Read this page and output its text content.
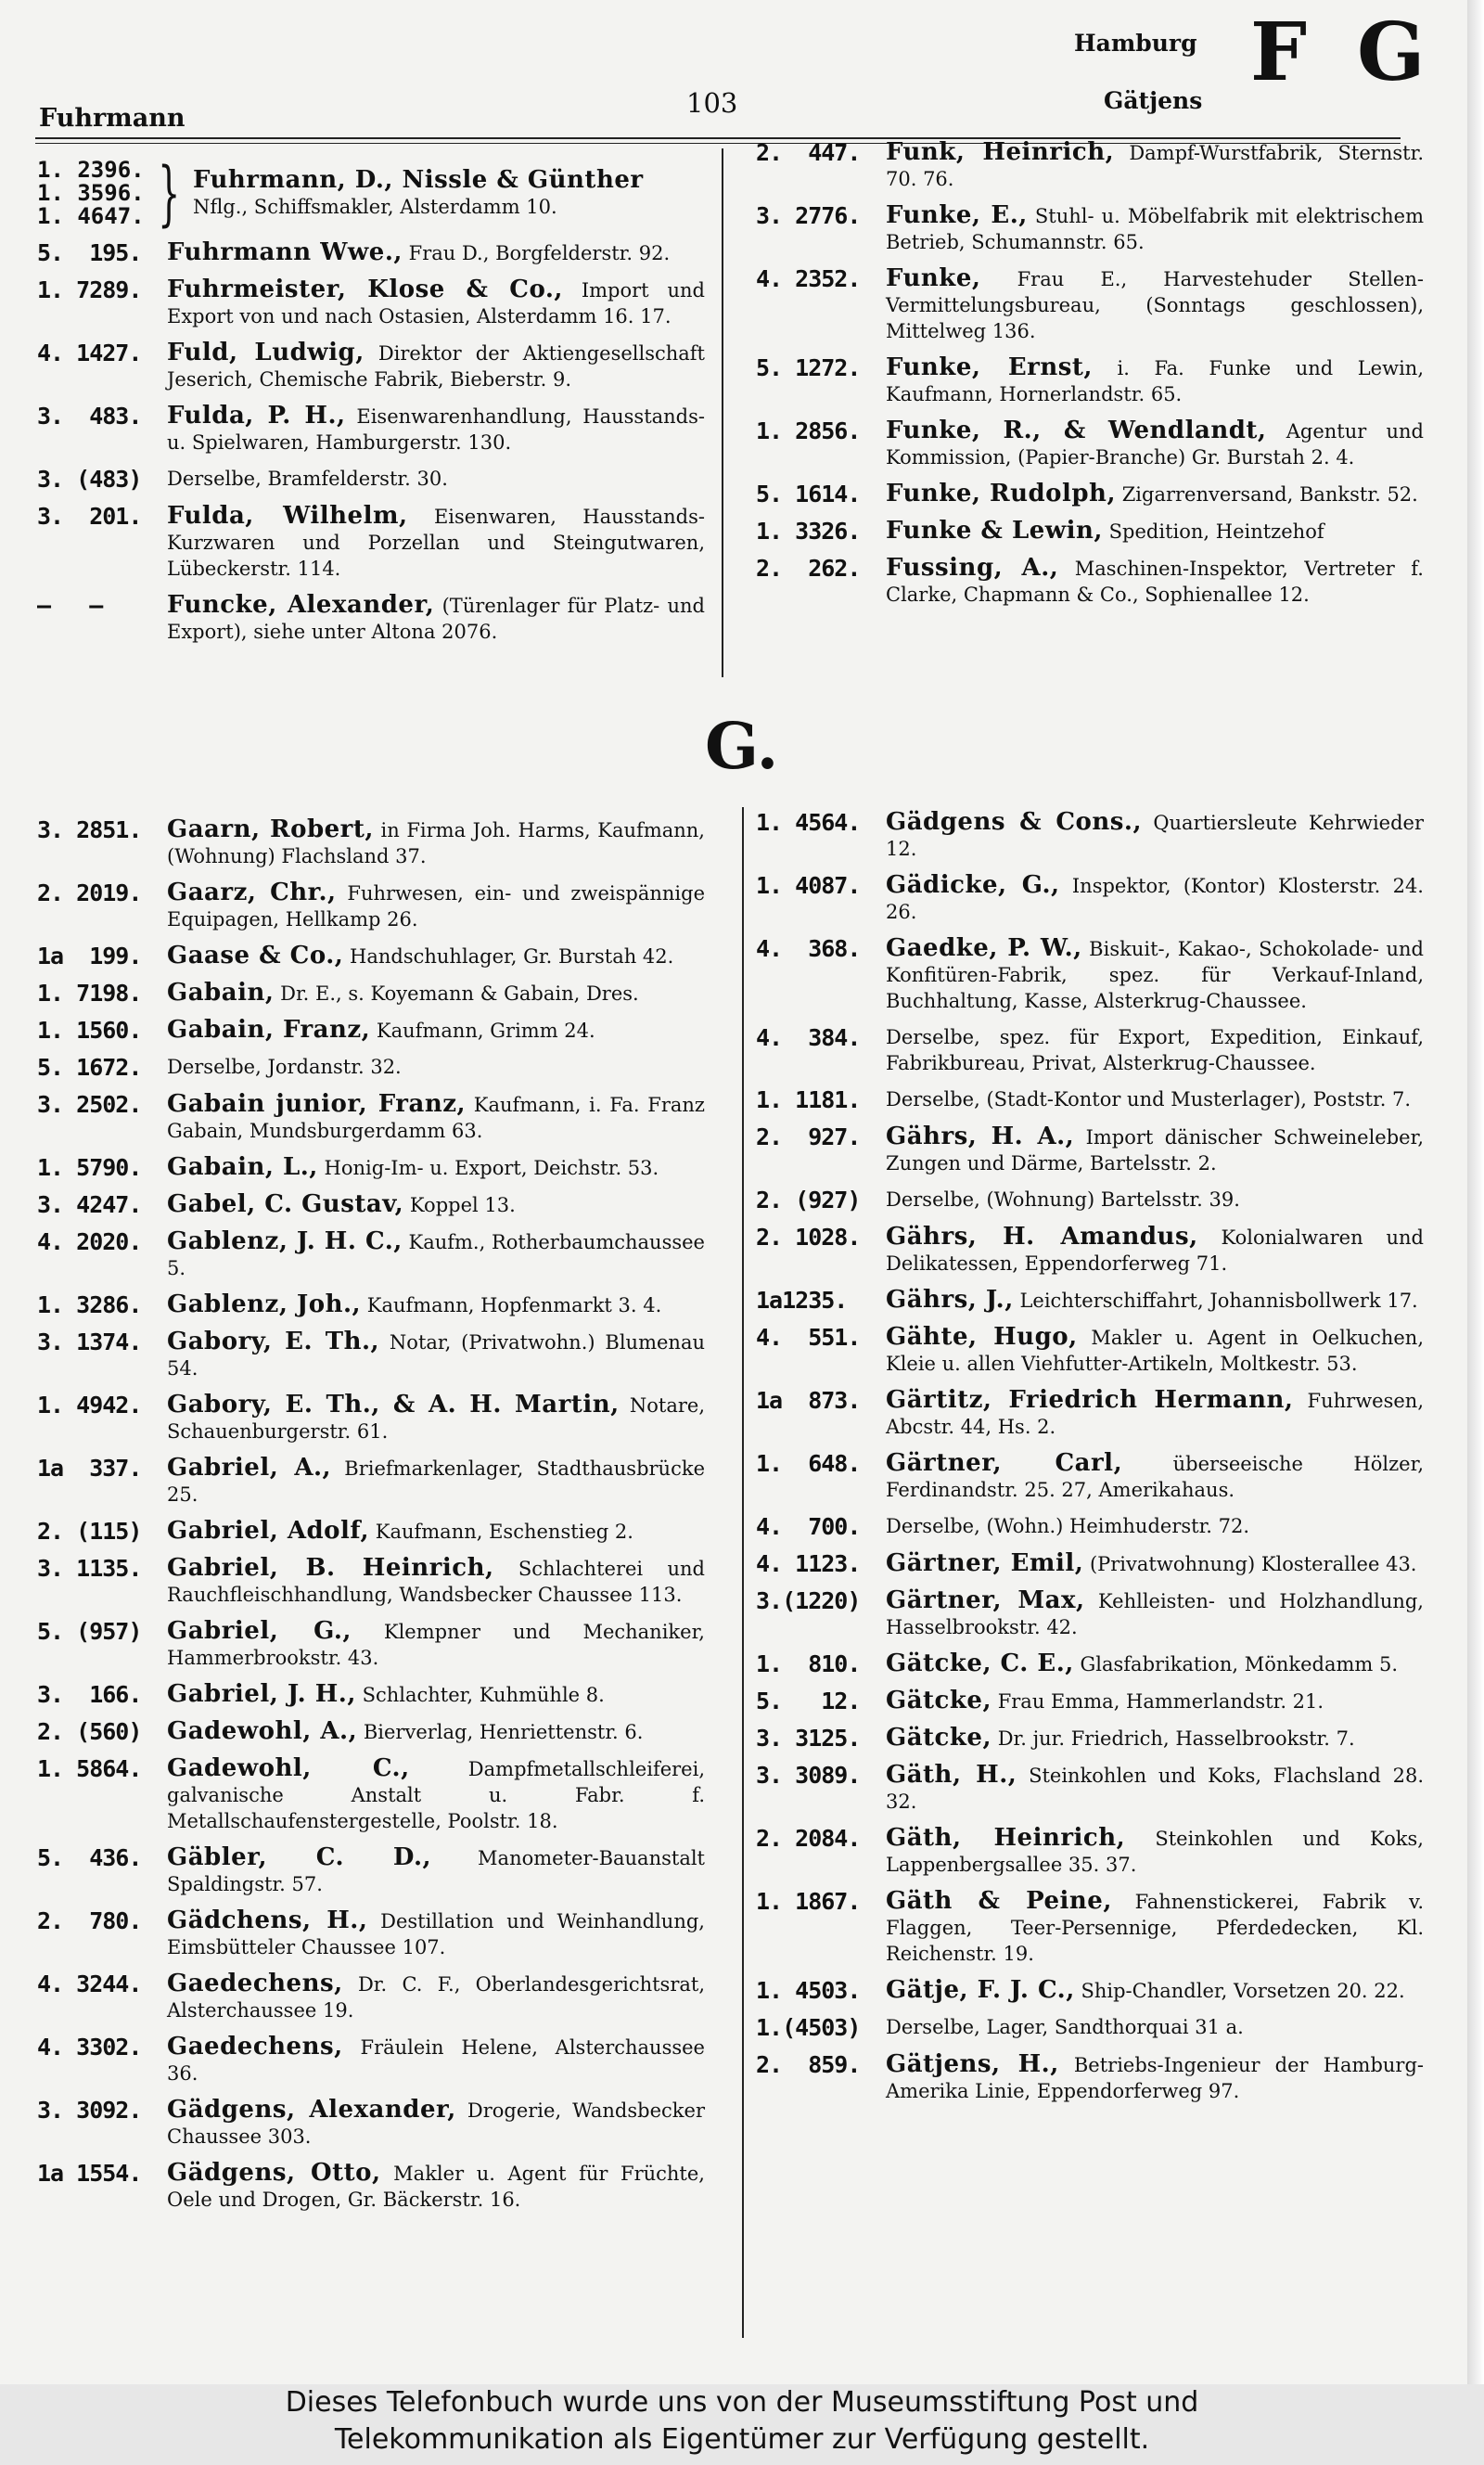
Fuhrmann	103
Hamburg
Gätjens
F G
1. 2396.
1. 3596.
1. 4647. } Fuhrmann, D., Nissle & Günther
Nflg., Schiffsmakler, Alsterdamm 10.
5.  195.	Fuhrmann Wwe., Frau D., Borgfelderstr. 92.
1. 7289.	Fuhrmeister, Klose & Co., Import und Export von und nach Ostasien, Alsterdamm 16. 17.
4. 1427.	Fuld, Ludwig, Direktor der Aktiengesellschaft Jeserich, Chemische Fabrik, Bieberstr. 9.
3.  483.	Fulda, P. H., Eisenwarenhandlung, Hausstands- u. Spielwaren, Hamburgerstr. 130.
3. (483)	Derselbe, Bramfelderstr. 30.
3.  201.	Fulda, Wilhelm, Eisenwaren, Hausstands-Kurzwaren und Porzellan und Steingutwaren, Lübeckerstr. 114.
—   —	Funcke, Alexander, (Türenlager für Platz- und Export), siehe unter Altona 2076.
2.  447.	Funk, Heinrich, Dampf-Wurstfabrik, Sternstr. 70. 76.
3. 2776.	Funke, E., Stuhl- u. Möbelfabrik mit elektrischem Betrieb, Schumannstr. 65.
4. 2352.	Funke, Frau E., Harvestehuder Stellen-Vermittelungsbureau, (Sonntags geschlossen), Mittelweg 136.
5. 1272.	Funke, Ernst, i. Fa. Funke und Lewin, Kaufmann, Hornerlandstr. 65.
1. 2856.	Funke, R., & Wendlandt, Agentur und Kommission, (Papier-Branche) Gr. Burstah 2. 4.
5. 1614.	Funke, Rudolph, Zigarrenversand, Bankstr. 52.
1. 3326.	Funke & Lewin, Spedition, Heintzehof
2.  262.	Fussing, A., Maschinen-Inspektor, Vertreter f. Clarke, Chapmann & Co., Sophienallee 12.
G.
3. 2851.	Gaarn, Robert, in Firma Joh. Harms, Kaufmann, (Wohnung) Flachsland 37.
2. 2019.	Gaarz, Chr., Fuhrwesen, ein- und zweispännige Equipagen, Hellkamp 26.
1a  199.	Gaase & Co., Handschuhlager, Gr. Burstah 42.
1. 7198.	Gabain, Dr. E., s. Koyemann & Gabain, Dres.
1. 1560.	Gabain, Franz, Kaufmann, Grimm 24.
5. 1672.	Derselbe, Jordanstr. 32.
3. 2502.	Gabain junior, Franz, Kaufmann, i. Fa. Franz Gabain, Mundsburgerdamm 63.
1. 5790.	Gabain, L., Honig-Im- u. Export, Deichstr. 53.
3. 4247.	Gabel, C. Gustav, Koppel 13.
4. 2020.	Gablenz, J. H. C., Kaufm., Rotherbaumchaussee 5.
1. 3286.	Gablenz, Joh., Kaufmann, Hopfenmarkt 3. 4.
3. 1374.	Gabory, E. Th., Notar, (Privatwohn.) Blumenau 54.
1. 4942.	Gabory, E. Th., & A. H. Martin, Notare, Schauenburgerstr. 61.
1a  337.	Gabriel, A., Briefmarkenlager, Stadthausbrücke 25.
2. (115)	Gabriel, Adolf, Kaufmann, Eschenstieg 2.
3. 1135.	Gabriel, B. Heinrich, Schlachterei und Rauchfleischhandlung, Wandsbecker Chaussee 113.
5. (957)	Gabriel, G., Klempner und Mechaniker, Hammerbrookstr. 43.
3.  166.	Gabriel, J. H., Schlachter, Kuhmühle 8.
2. (560)	Gadewohl, A., Bierverlag, Henriettenstr. 6.
1. 5864.	Gadewohl, C.,	Dampfmetallschleiferei, galvanische Anstalt u. Fabr. f. Metallschaufenstergestelle, Poolstr. 18.
5.  436.	Gäbler, C. D., Manometer-Bauanstalt Spaldingstr. 57.
2.  780.	Gädchens, H., Destillation und Weinhandlung, Eimsbütteler Chaussee 107.
4. 3244.	Gaedechens, Dr. C. F., Oberlandesgerichtsrat, Alsterchaussee 19.
4. 3302.	Gaedechens, Fräulein Helene, Alsterchaussee 36.
3. 3092.	Gädgens, Alexander, Drogerie, Wandsbecker Chaussee 303.
1a 1554.	Gädgens, Otto, Makler u. Agent für Früchte, Oele und Drogen, Gr. Bäckerstr. 16.
1. 4564.	Gädgens & Cons., Quartiersleute Kehrwieder 12.
1. 4087.	Gädicke, G., Inspektor, (Kontor) Klosterstr. 24. 26.
4.  368.	Gaedke, P. W., Biskuit-, Kakao-, Schokolade- und Konfitüren-Fabrik, spez. für Verkauf-Inland, Buchhaltung, Kasse, Alsterkrug-Chaussee.
4.  384.	Derselbe, spez. für Export, Expedition, Einkauf, Fabrikbureau, Privat, Alsterkrug-Chaussee.
1. 1181.	Derselbe, (Stadt-Kontor und Musterlager), Poststr. 7.
2.  927.	Gährs, H. A., Import dänischer Schweineleber, Zungen und Därme, Bartelsstr. 2.
2. (927)	Derselbe, (Wohnung) Bartelsstr. 39.
2. 1028.	Gährs, H. Amandus, Kolonialwaren und Delikatessen, Eppendorferweg 71.
1a1235.	Gährs, J., Leichterschiffahrt, Johannisbollwerk 17.
4.  551.	Gähte, Hugo, Makler u. Agent in Oelkuchen, Kleie u. allen Viehfutter-Artikeln, Moltkestr. 53.
1a  873.	Gärtitz, Friedrich Hermann, Fuhrwesen, Abcstr. 44, Hs. 2.
1.  648.	Gärtner, Carl,	überseeische Hölzer, Ferdinandstr. 25. 27, Amerikahaus.
4.  700.	Derselbe, (Wohn.) Heimhuderstr. 72.
4. 1123.	Gärtner, Emil, (Privatwohnung) Klosterallee 43.
3.(1220)	Gärtner, Max, Kehlleisten- und Holzhandlung, Hasselbrookstr. 42.
1.  810.	Gätcke, C. E., Glasfabrikation, Mönkedamm 5.
5.   12.	Gätcke, Frau Emma, Hammerlandstr. 21.
3. 3125.	Gätcke, Dr. jur. Friedrich, Hasselbrookstr. 7.
3. 3089.	Gäth, H., Steinkohlen und Koks, Flachsland 28. 32.
2. 2084.	Gäth, Heinrich, Steinkohlen und Koks, Lappenbergsallee 35. 37.
1. 1867.	Gäth & Peine, Fahnenstickerei, Fabrik v. Flaggen, Teer-Persennige, Pferdedecken, Kl. Reichenstr. 19.
1. 4503.	Gätje, F. J. C., Ship-Chandler, Vorsetzen 20. 22.
1.(4503)	Derselbe, Lager, Sandthorquai 31 a.
2.  859.	Gätjens, H., Betriebs-Ingenieur der Hamburg-Amerika Linie, Eppendorferweg 97.
Dieses Telefonbuch wurde uns von der Museumsstiftung Post und
Telekommunikation als Eigentümer zur Verfügung gestellt.
